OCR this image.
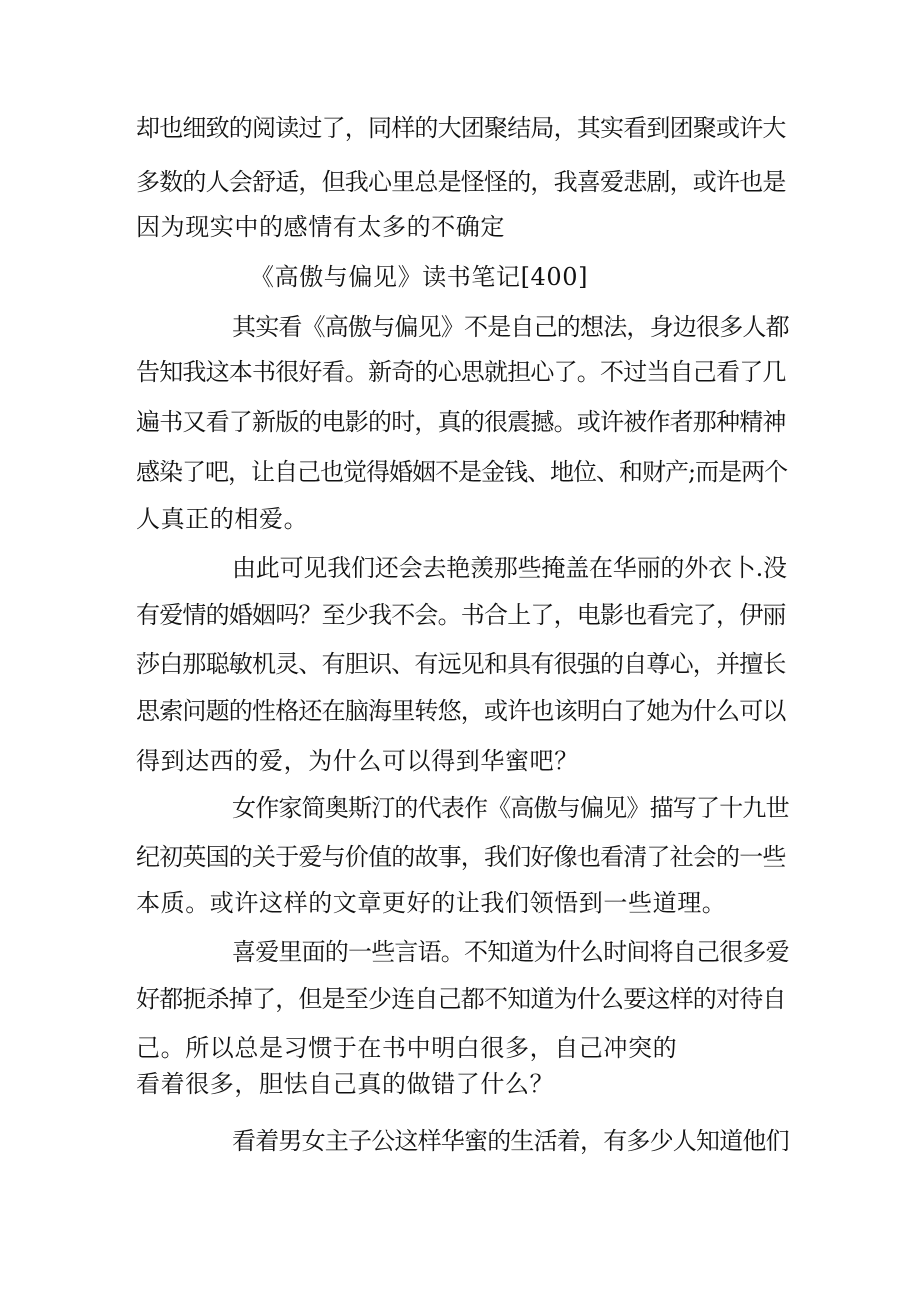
却也细致的阅读过了，同样的大团聚结局，其实看到团聚或许大
多数的人会舒适，但我心里总是怪怪的，我喜爱悲剧，或许也是
因为现实中的感情有太多的不确定
《高傲与偏见》读书笔记[400]
其实看《高傲与偏见》不是自己的想法，身边很多人都
告知我这本书很好看。新奇的心思就担心了。不过当自己看了几
遍书又看了新版的电影的时，真的很震撼。或许被作者那种精神
感染了吧，让自己也觉得婚姻不是金钱、地位、和财产;而是两个
人真正的相爱。
由此可见我们还会去艳羡那些掩盖在华丽的外衣卜.没
有爱情的婚姻吗？至少我不会。书合上了，电影也看完了，伊丽
莎白那聪敏机灵、有胆识、有远见和具有很强的自尊心，并擅长
思索问题的性格还在脑海里转悠，或许也该明白了她为什么可以
得到达西的爱，为什么可以得到华蜜吧？
女作家简奥斯汀的代表作《高傲与偏见》描写了十九世
纪初英国的关于爱与价值的故事，我们好像也看清了社会的一些
本质。或许这样的文章更好的让我们领悟到一些道理。
喜爱里面的一些言语。不知道为什么时间将自己很多爱
好都扼杀掉了，但是至少连自己都不知道为什么要这样的对待自
己。所以总是习惯于在书中明白很多，自己冲突的
看着很多，胆怯自己真的做错了什么？
看着男女主子公这样华蜜的生活着，有多少人知道他们
